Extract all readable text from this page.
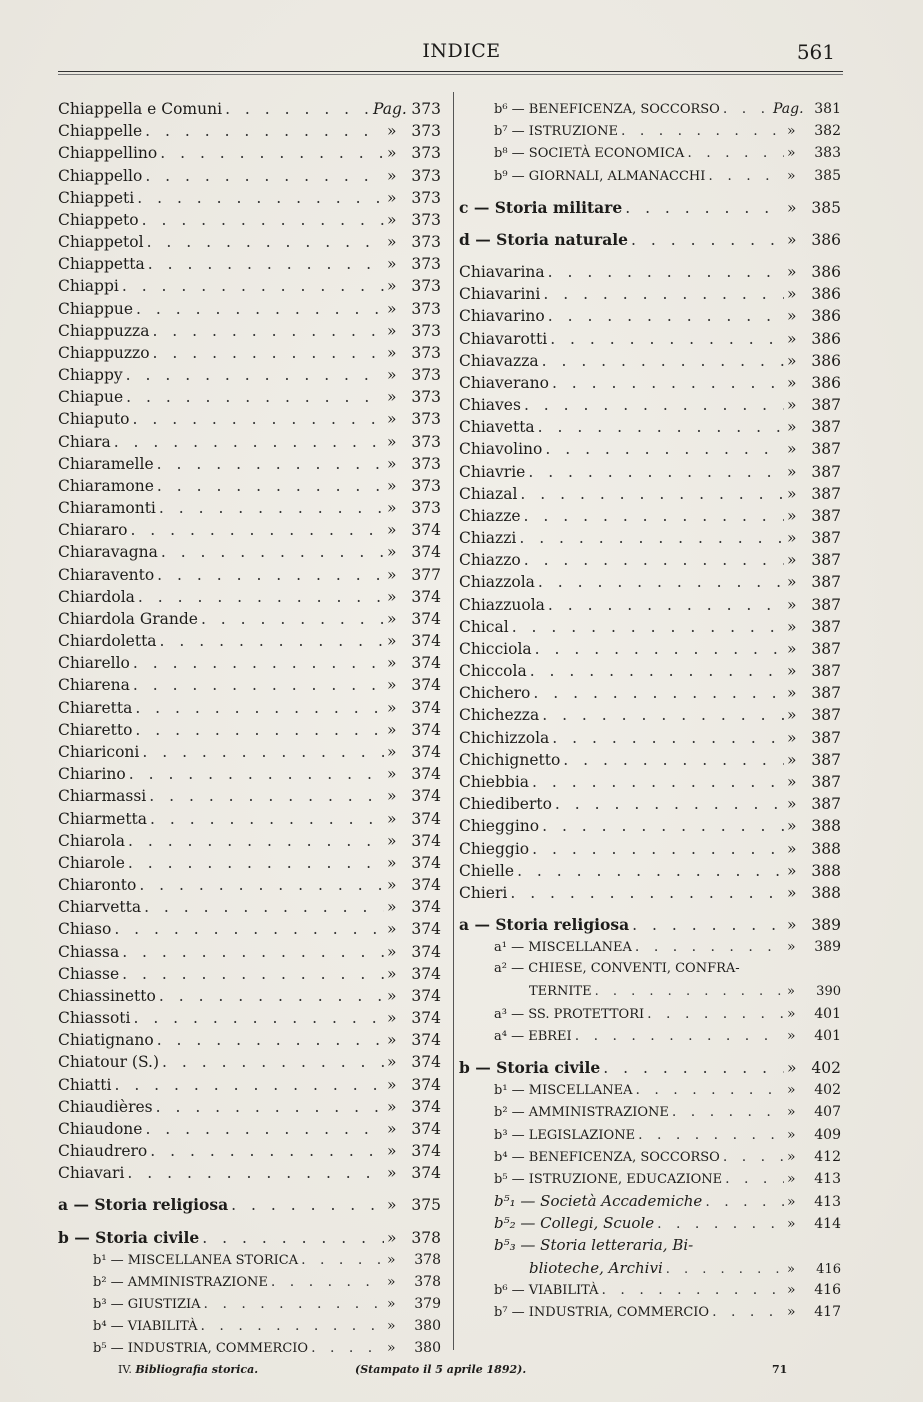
INDICE	561
Chiappella e Comuni . . .	Pag. 373
Chiappelle . . .	» 373
Chiappellino . . .	» 373
Chiappello . . .	» 373
Chiappeti . . .	» 373
Chiappeto . . .	» 373
Chiappetol . . .	» 373
Chiappetta . . .	» 373
Chiappi . . .	» 373
Chiappue . . .	» 373
Chiappuzza . . .	» 373
Chiappuzzo . . .	» 373
Chiappy . . .	» 373
Chiapue . . .	» 373
Chiaputo . . .	» 373
Chiara . . .	» 373
Chiaramelle . . .	» 373
Chiaramone . . .	» 373
Chiaramonti . . .	» 373
Chiararo . . .	» 374
Chiaravagna . . .	» 374
Chiaravento . . .	» 377
Chiardola . . .	» 374
Chiardola Grande . . .	» 374
Chiardoletta . . .	» 374
Chiarello . . .	» 374
Chiarena . . .	» 374
Chiaretta . . .	» 374
Chiaretto . . .	» 374
Chiariconi . . .	» 374
Chiarino . . .	» 374
Chiarmassi . . .	» 374
Chiarmetta . . .	» 374
Chiarola . . .	» 374
Chiarole . . .	» 374
Chiaronto . . .	» 374
Chiarvetta . . .	» 374
Chiaso . . .	» 374
Chiassa . . .	» 374
Chiasse . . .	» 374
Chiassinetto . . .	» 374
Chiassoti . . .	» 374
Chiatignano . . .	» 374
Chiatour (S.) . . .	» 374
Chiatti . . .	» 374
Chiaudières . . .	» 374
Chiaudone . . .	» 374
Chiaudrero . . .	» 374
Chiavari . . .	» 374
a — Storia religiosa . . .	» 375
b — Storia civile . . .	» 378
b¹ — MISCELLANEA STORICA . . .	»	378
b² — AMMINISTRAZIONE . . .	»	378
b³ — GIUSTIZIA . . .	»	379
b⁴ — VIABILITÀ . . .	»	380
b⁵ — INDUSTRIA, COMMERCIO . . .	»	380
b⁶ — BENEFICENZA, SOCCORSO . . .	Pag. 381
b⁷ — ISTRUZIONE . . .	»	382
b⁸ — SOCIETÀ ECONOMICA . . .	»	383
b⁹ — GIORNALI, ALMANACCHI . . .	»	385
c — Storia militare . . .	» 385
d — Storia naturale . . .	» 386
Chiavarina . . .	» 386
Chiavarini . . .	» 386
Chiavarino . . .	» 386
Chiavarotti . . .	» 386
Chiavazza . . .	» 386
Chiaverano . . .	» 386
Chiaves . . .	» 387
Chiavetta . . .	» 387
Chiavolino . . .	» 387
Chiavrie . . .	» 387
Chiazal . . .	» 387
Chiazze . . .	» 387
Chiazzi . . .	» 387
Chiazzo . . .	» 387
Chiazzola . . .	» 387
Chiazzuola . . .	» 387
Chical . . .	» 387
Chicciola . . .	» 387
Chiccola . . .	» 387
Chichero . . .	» 387
Chichezza . . .	» 387
Chichizzola . . .	» 387
Chichignetto . . .	» 387
Chiebbia . . .	» 387
Chiediberto . . .	» 387
Chieggino . . .	» 388
Chieggio . . .	» 388
Chielle . . .	» 388
Chieri . . .	» 388
a — Storia religiosa . . .	» 389
a¹ — MISCELLANEA . . .	»	389
a² — CHIESE, CONVENTI, CONFRA-
TERNITE . . .	»	390
a³ — SS. PROTETTORI . . .	»	401
a⁴ — EBREI . . .	»	401
b — Storia civile . . .	» 402
b¹ — MISCELLANEA . . .	»	402
b² — AMMINISTRAZIONE . . .	»	407
b³ — LEGISLAZIONE . . .	»	409
b⁴ — BENEFICENZA, SOCCORSO . . .	»	412
b⁵ — ISTRUZIONE, EDUCAZIONE . . .	»	413
b⁵₁ — Società Accademiche . . .	»	413
b⁵₂ — Collegi, Scuole . . .	»	414
b⁵₃ — Storia letteraria, Bi-
blioteche, Archivi . . .	»	416
b⁶ — VIABILITÀ . . .	»	416
b⁷ — INDUSTRIA, COMMERCIO . . .	»	417
IV. Bibliografia storica.	(Stampato il 5 aprile 1892).	71
